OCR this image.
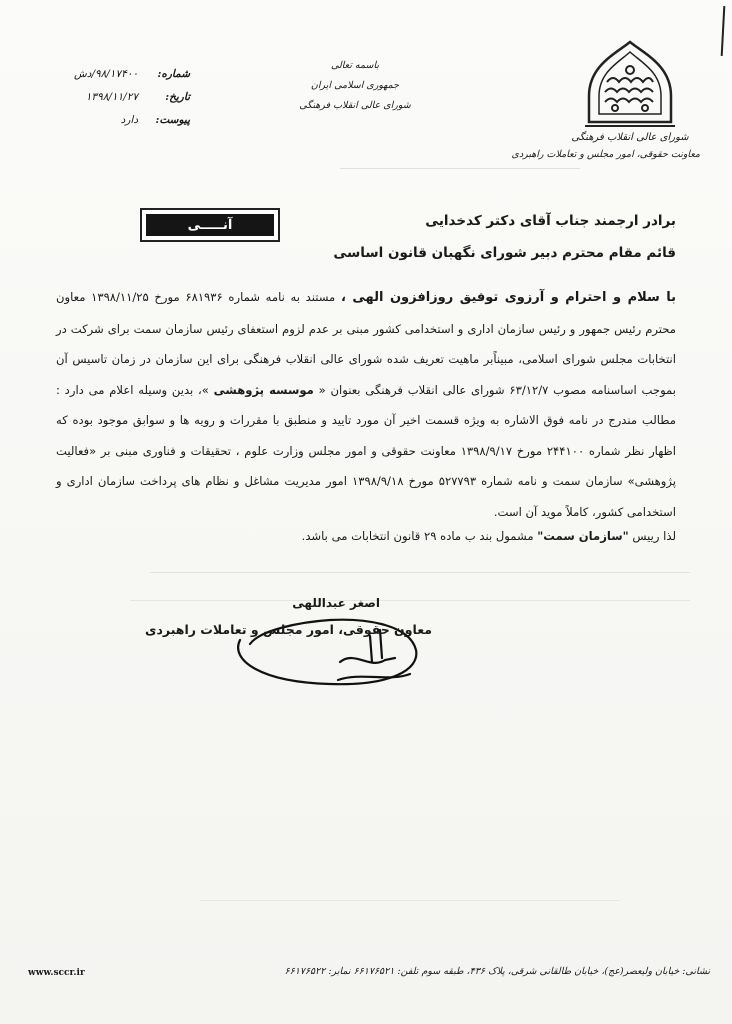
شورای عالی انقلاب فرهنگی
معاونت حقوقی، امور مجلس و تعاملات راهبردی
باسمه تعالی
جمهوری اسلامی ایران
شورای عالی انقلاب فرهنگی
شماره:
۹۸/۱۷۴۰۰/دش
تاریخ:
۱۳۹۸/۱۱/۲۷
پیوست:
دارد
آنـــــی	برادر ارجمند جناب آقای دکتر کدخدایی
قائم مقام محترم دبیر شورای نگهبان قانون اساسی

با سلام و احترام و آرزوی توفیق روزافزون الهی ، مستند به نامه شماره ۶۸۱۹۳۶ مورخ ۱۳۹۸/۱۱/۲۵ معاون محترم رئیس جمهور و رئیس سازمان اداری و استخدامی کشور مبنی بر عدم لزوم استعفای رئیس سازمان سمت برای شرکت در انتخابات مجلس شورای اسلامی، مبیناًبر ماهیت تعریف شده شورای عالی انقلاب فرهنگی برای این سازمان در زمان تاسیس آن بموجب اساسنامه مصوب ۶۳/۱۲/۷ شورای عالی انقلاب فرهنگی بعنوان « موسسه پژوهشی »، بدین وسیله اعلام می دارد : مطالب مندرج در نامه فوق الاشاره به ویژه قسمت اخیر آن مورد تایید و منطبق با مقررات و رویه ها و سوابق موجود بوده که اظهار نظر شماره ۲۴۴۱۰۰ مورخ ۱۳۹۸/۹/۱۷ معاونت حقوقی و امور مجلس وزارت علوم ، تحقیقات و فناوری مبنی بر «فعالیت پژوهشی» سازمان سمت و نامه شماره ۵۲۷۷۹۳ مورخ ۱۳۹۸/۹/۱۸ امور مدیریت مشاغل و نظام های پرداخت سازمان اداری و استخدامی کشور، کاملاً موید آن است.

لذا رییس "سازمان سمت" مشمول بند ب ماده ۲۹ قانون انتخابات می باشد.
اصغر عبداللهی
معاون حقوقی، امور مجلس و تعاملات راهبردی
نشانی: خیابان ولیعصر(عج)، خیابان طالقانی شرقی، پلاک ۴۳۶، طبقه سوم تلفن: ۶۶۱۷۶۵۲۱ نمابر: ۶۶۱۷۶۵۲۲
www.sccr.ir
